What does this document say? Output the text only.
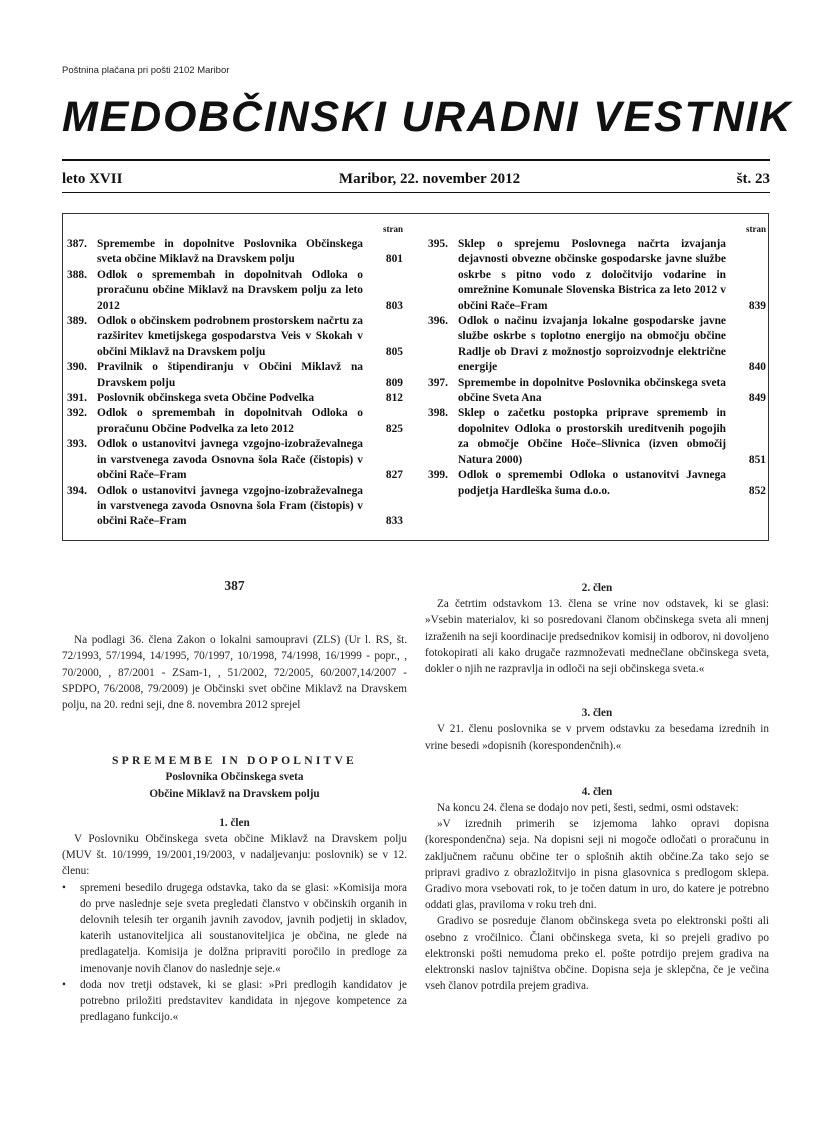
Poštnina plačana pri pošti 2102 Maribor
MEDOBČINSKI URADNI VESTNIK
leto XVII	Maribor, 22. november 2012	št. 23
stran
387. Spremembe in dopolnitve Poslovnika Občinskega sveta občine Miklavž na Dravskem polju	801
388. Odlok o spremembah in dopolnitvah Odloka o proračunu občine Miklavž na Dravskem polju za leto 2012	803
389. Odlok o občinskem podrobnem prostorskem načrtu za razširitev kmetijskega gospodarstva Veis v Skokah v občini Miklavž na Dravskem polju	805
390. Pravilnik o štipendiranju v Občini Miklavž na Dravskem polju	809
391. Poslovnik občinskega sveta Občine Podvelka	812
392. Odlok o spremembah in dopolnitvah Odloka o proračunu Občine Podvelka za leto 2012	825
393. Odlok o ustanovitvi javnega vzgojno-izobraževalnega in varstvenega zavoda Osnovna šola Rače (čistopis) v občini Rače–Fram	827
394. Odlok o ustanovitvi javnega vzgojno-izobraževalnega in varstvenega zavoda Osnovna šola Fram (čistopis) v občini Rače–Fram	833
stran
395. Sklep o sprejemu Poslovnega načrta izvajanja dejavnosti obvezne občinske gospodarske javne službe oskrbe s pitno vodo z določitvijo vodarine in omrežnine Komunale Slovenska Bistrica za leto 2012 v občini Rače–Fram	839
396. Odlok o načinu izvajanja lokalne gospodarske javne službe oskrbe s toplotno energijo na območju občine Radlje ob Dravi z možnostjo soproizvodnje električne energije	840
397. Spremembe in dopolnitve Poslovnika občinskega sveta občine Sveta Ana	849
398. Sklep o začetku postopka priprave sprememb in dopolnitev Odloka o prostorskih ureditvenih pogojih za območje Občine Hoče–Slivnica (izven območij Natura 2000)	851
399. Odlok o spremembi Odloka o ustanovitvi Javnega podjetja Hardleška šuma d.o.o.	852
387

Na podlagi 36. člena Zakon o lokalni samoupravi (ZLS) (Ur l. RS, št. 72/1993, 57/1994, 14/1995, 70/1997, 10/1998, 74/1998, 16/1999 - popr., , 70/2000, , 87/2001 - ZSam-1, , 51/2002, 72/2005, 60/2007,14/2007 - SPDPO, 76/2008, 79/2009) je Občinski svet občine Miklavž na Dravskem polju, na 20. redni seji, dne 8. novembra 2012 sprejel

SPREMEMBE IN DOPOLNITVE
Poslovnika Občinskega sveta
Občine Miklavž na Dravskem polju
1. člen

V Poslovniku Občinskega sveta občine Miklavž na Dravskem polju (MUV št. 10/1999, 19/2001,19/2003, v nadaljevanju: poslovnik) se v 12. členu:

• spremeni besedilo drugega odstavka, tako da se glasi: »Komisija mora do prve naslednje seje sveta pregledati članstvo v občinskih organih in delovnih telesih ter organih javnih zavodov, javnih podjetij in skladov, katerih ustanoviteljica ali soustanoviteljica je občina, ne glede na predlagatelja. Komisija je dolžna pripraviti poročilo in predloge za imenovanje novih članov do naslednje seje.«
• doda nov tretji odstavek, ki se glasi: »Pri predlogih kandidatov je potrebno priložiti predstavitev kandidata in njegove kompetence za predlagano funkcijo.«
2. člen

Za četrtim odstavkom 13. člena se vrine nov odstavek, ki se glasi: »Vsebin materialov, ki so posredovani članom občinskega sveta ali mnenj izraženih na seji koordinacije predsednikov komisij in odborov, ni dovoljeno fotokopirati ali kako drugače razmnoževati mednečlane občinskega sveta, dokler o njih ne razpravlja in odloči na seji občinskega sveta.«

3. člen

V 21. členu poslovnika se v prvem odstavku za besedama izrednih in vrine besedi »dopisnih (korespondenčnih).«

4. člen

Na koncu 24. člena se dodajo nov peti, šesti, sedmi, osmi odstavek:

»V izrednih primerih se izjemoma lahko opravi dopisna (korespondenčna) seja. Na dopisni seji ni mogoče odločati o proračunu in zaključnem računu občine ter o splošnih aktih občine.Za tako sejo se pripravi gradivo z obrazložitvijo in pisna glasovnica s predlogom sklepa. Gradivo mora vsebovati rok, to je točen datum in uro, do katere je potrebno oddati glas, praviloma v roku treh dni.

Gradivo se posreduje članom občinskega sveta po elektronski pošti ali osebno z vročilnico. Člani občinskega sveta, ki so prejeli gradivo po elektronski pošti nemudoma preko el. pošte potrdijo prejem gradiva na elektronski naslov tajništva občine. Dopisna seja je sklepčna, če je večina vseh članov potrdila prejem gradiva.
